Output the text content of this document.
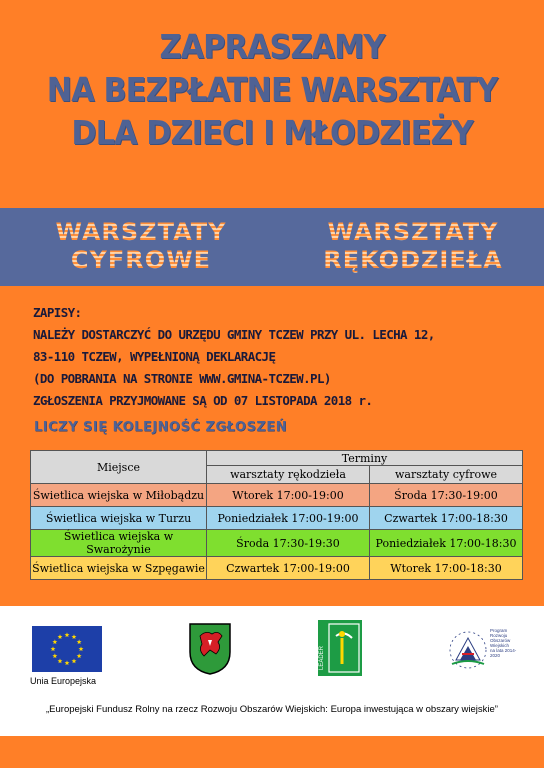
ZAPRASZAMY
NA BEZPŁATNE WARSZTATY
DLA DZIECI I MŁODZIEŻY
WARSZTATY
CYFROWE
WARSZTATY
RĘKODZIEŁA
ZAPISY:
NALEŻY DOSTARCZYĆ DO URZĘDU GMINY TCZEW PRZY UL. LECHA 12,
83-110 TCZEW, WYPEŁNIONĄ DEKLARACJĘ
(DO POBRANIA NA STRONIE WWW.GMINA-TCZEW.PL)
ZGŁOSZENIA PRZYJMOWANE SĄ OD 07 LISTOPADA 2018 r.
LICZY SIĘ KOLEJNOŚĆ ZGŁOSZEŃ
Miejsce	Terminy	
	warsztaty rękodzieła	warsztaty cyfrowe
Świetlica wiejska w Miłobądzu	Wtorek 17:00-19:00	Środa 17:30-19:00
Świetlica wiejska w Turzu	Poniedziałek 17:00-19:00	Czwartek 17:00-18:30
Świetlica wiejska w Swarożynie	Środa 17:30-19:30	Poniedziałek 17:00-18:30
Świetlica wiejska w Szpęgawie	Czwartek 17:00-19:00	Wtorek 17:00-18:30
Unia Europejska
LEADER
Program
Rozwoju
Obszarów
Wiejskich
na lata 2014-2020
„Europejski Fundusz Rolny na rzecz Rozwoju Obszarów Wiejskich: Europa inwestująca w obszary wiejskie”
